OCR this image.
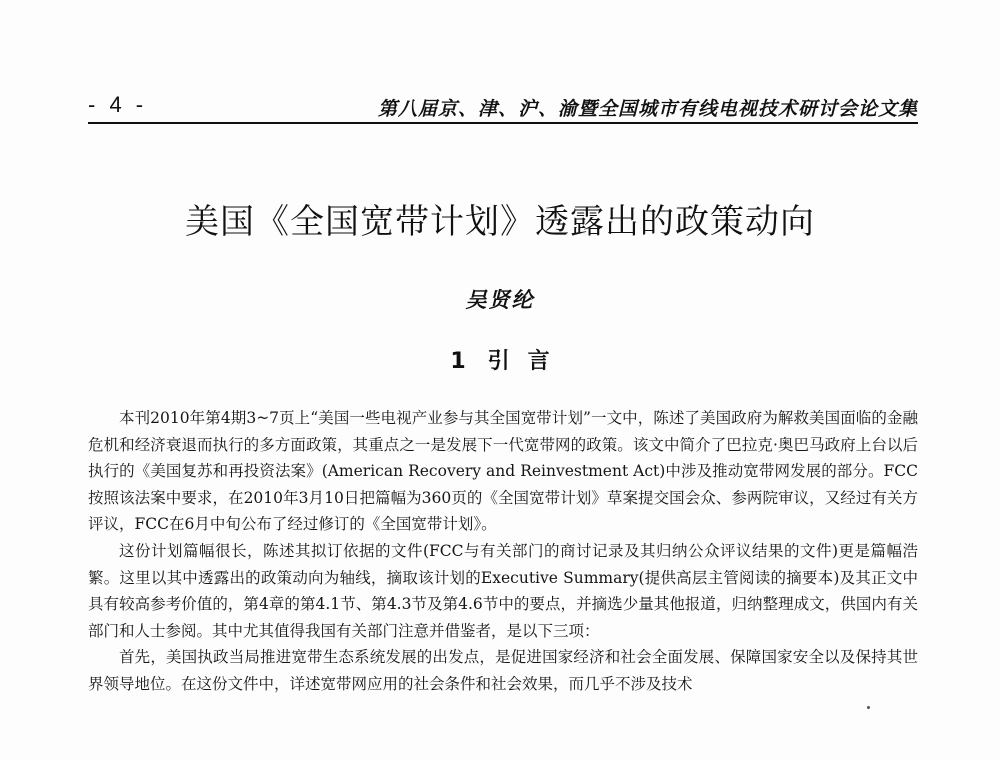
- 4 -	第八届京、津、沪、渝暨全国城市有线电视技术研讨会论文集
美国《全国宽带计划》透露出的政策动向
吴贤纶
1 引 言

本刊2010年第4期3~7页上“美国一些电视产业参与其全国宽带计划”一文中，陈述了美国政府为解救美国面临的金融危机和经济衰退而执行的多方面政策，其重点之一是发展下一代宽带网的政策。该文中简介了巴拉克·奥巴马政府上台以后执行的《美国复苏和再投资法案》(American Recovery and Reinvestment Act)中涉及推动宽带网发展的部分。FCC按照该法案中要求，在2010年3月10日把篇幅为360页的《全国宽带计划》草案提交国会众、参两院审议，又经过有关方评议，FCC在6月中旬公布了经过修订的《全国宽带计划》。

这份计划篇幅很长，陈述其拟订依据的文件(FCC与有关部门的商讨记录及其归纳公众评议结果的文件)更是篇幅浩繁。这里以其中透露出的政策动向为轴线，摘取该计划的Executive Summary(提供高层主管阅读的摘要本)及其正文中具有较高参考价值的，第4章的第4.1节、第4.3节及第4.6节中的要点，并摘选少量其他报道，归纳整理成文，供国内有关部门和人士参阅。其中尤其值得我国有关部门注意并借鉴者，是以下三项：

首先，美国执政当局推进宽带生态系统发展的出发点，是促进国家经济和社会全面发展、保障国家安全以及保持其世界领导地位。在这份文件中，详述宽带网应用的社会条件和社会效果，而几乎不涉及技术
